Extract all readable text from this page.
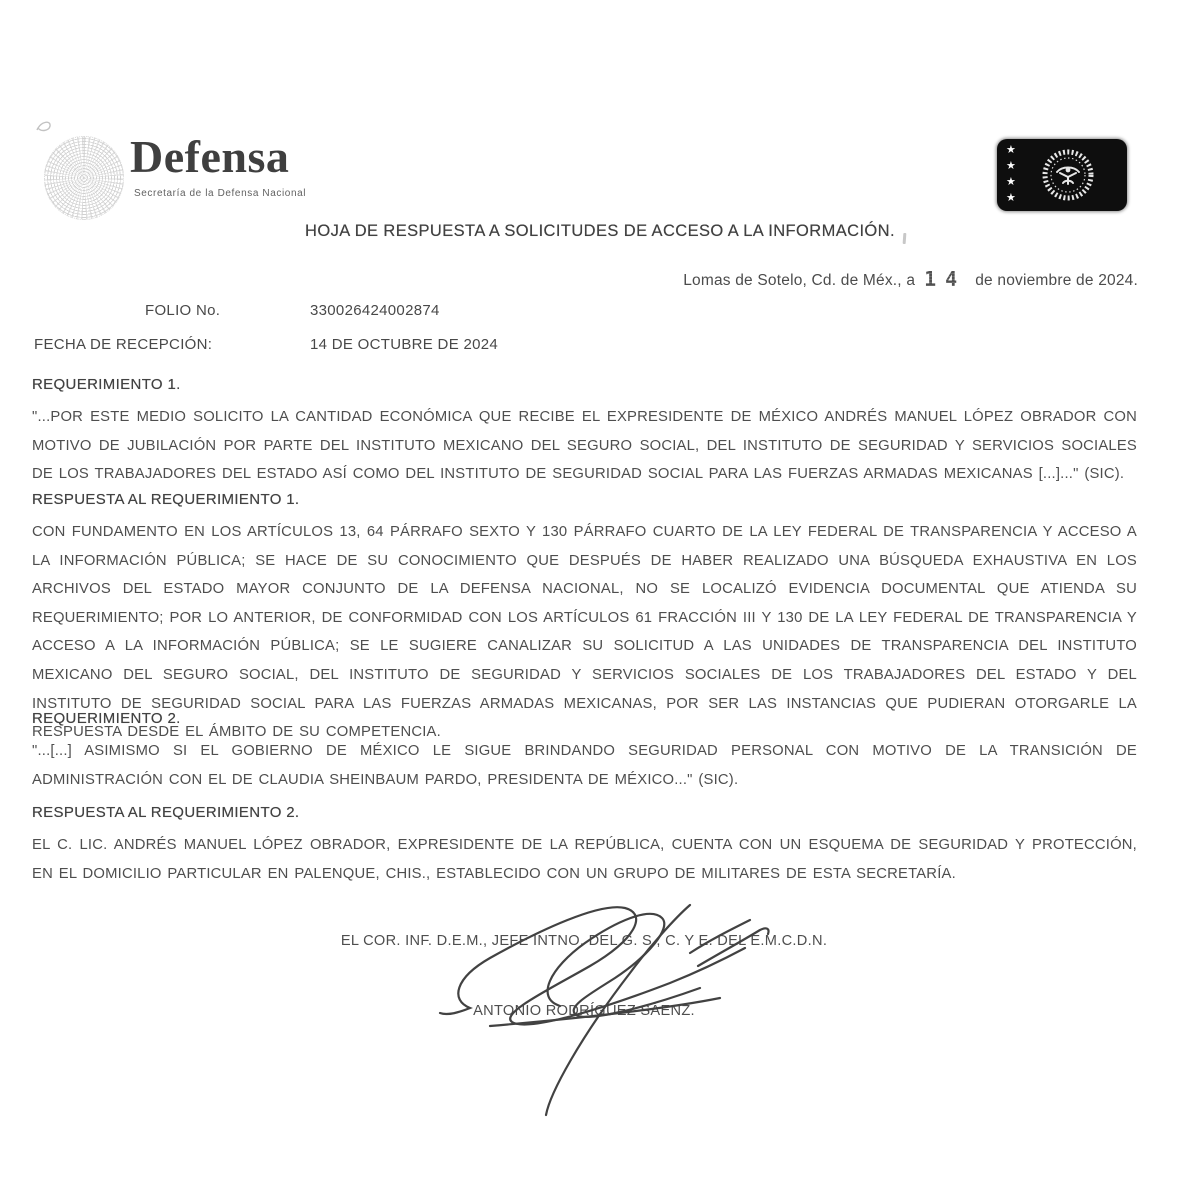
Defensa
Secretaría de la Defensa Nacional
★
★
★
★
HOJA DE RESPUESTA A SOLICITUDES DE ACCESO A LA INFORMACIÓN.
Lomas de Sotelo, Cd. de Méx., a 14 de noviembre de 2024.
FOLIO No.	330026424002874
FECHA DE RECEPCIÓN:	14 DE OCTUBRE DE 2024
REQUERIMIENTO 1.

"...POR ESTE MEDIO SOLICITO LA CANTIDAD ECONÓMICA QUE RECIBE EL EXPRESIDENTE DE MÉXICO ANDRÉS MANUEL LÓPEZ OBRADOR CON MOTIVO DE JUBILACIÓN POR PARTE DEL INSTITUTO MEXICANO DEL SEGURO SOCIAL, DEL INSTITUTO DE SEGURIDAD Y SERVICIOS SOCIALES DE LOS TRABAJADORES DEL ESTADO ASÍ COMO DEL INSTITUTO DE SEGURIDAD SOCIAL PARA LAS FUERZAS ARMADAS MEXICANAS [...]..." (SIC).

RESPUESTA AL REQUERIMIENTO 1.

CON FUNDAMENTO EN LOS ARTÍCULOS 13, 64 PÁRRAFO SEXTO Y 130 PÁRRAFO CUARTO DE LA LEY FEDERAL DE TRANSPARENCIA Y ACCESO A LA INFORMACIÓN PÚBLICA; SE HACE DE SU CONOCIMIENTO QUE DESPUÉS DE HABER REALIZADO UNA BÚSQUEDA EXHAUSTIVA EN LOS ARCHIVOS DEL ESTADO MAYOR CONJUNTO DE LA DEFENSA NACIONAL, NO SE LOCALIZÓ EVIDENCIA DOCUMENTAL QUE ATIENDA SU REQUERIMIENTO; POR LO ANTERIOR, DE CONFORMIDAD CON LOS ARTÍCULOS 61 FRACCIÓN III Y 130 DE LA LEY FEDERAL DE TRANSPARENCIA Y ACCESO A LA INFORMACIÓN PÚBLICA; SE LE SUGIERE CANALIZAR SU SOLICITUD A LAS UNIDADES DE TRANSPARENCIA DEL INSTITUTO MEXICANO DEL SEGURO SOCIAL, DEL INSTITUTO DE SEGURIDAD Y SERVICIOS SOCIALES DE LOS TRABAJADORES DEL ESTADO Y DEL INSTITUTO DE SEGURIDAD SOCIAL PARA LAS FUERZAS ARMADAS MEXICANAS, POR SER LAS INSTANCIAS QUE PUDIERAN OTORGARLE LA RESPUESTA DESDE EL ÁMBITO DE SU COMPETENCIA.

REQUERIMIENTO 2.

"...[...] ASIMISMO SI EL GOBIERNO DE MÉXICO LE SIGUE BRINDANDO SEGURIDAD PERSONAL CON MOTIVO DE LA TRANSICIÓN DE ADMINISTRACIÓN CON EL DE CLAUDIA SHEINBAUM PARDO, PRESIDENTA DE MÉXICO..." (SIC).

RESPUESTA AL REQUERIMIENTO 2.

EL C. LIC. ANDRÉS MANUEL LÓPEZ OBRADOR, EXPRESIDENTE DE LA REPÚBLICA, CUENTA CON UN ESQUEMA DE SEGURIDAD Y PROTECCIÓN, EN EL DOMICILIO PARTICULAR EN PALENQUE, CHIS., ESTABLECIDO CON UN GRUPO DE MILITARES DE ESTA SECRETARÍA.

EL COR. INF. D.E.M., JEFE INTNO. DEL G. S., C. Y E. DEL E.M.C.D.N.
ANTONIO RODRÍGUEZ SÁENZ.
